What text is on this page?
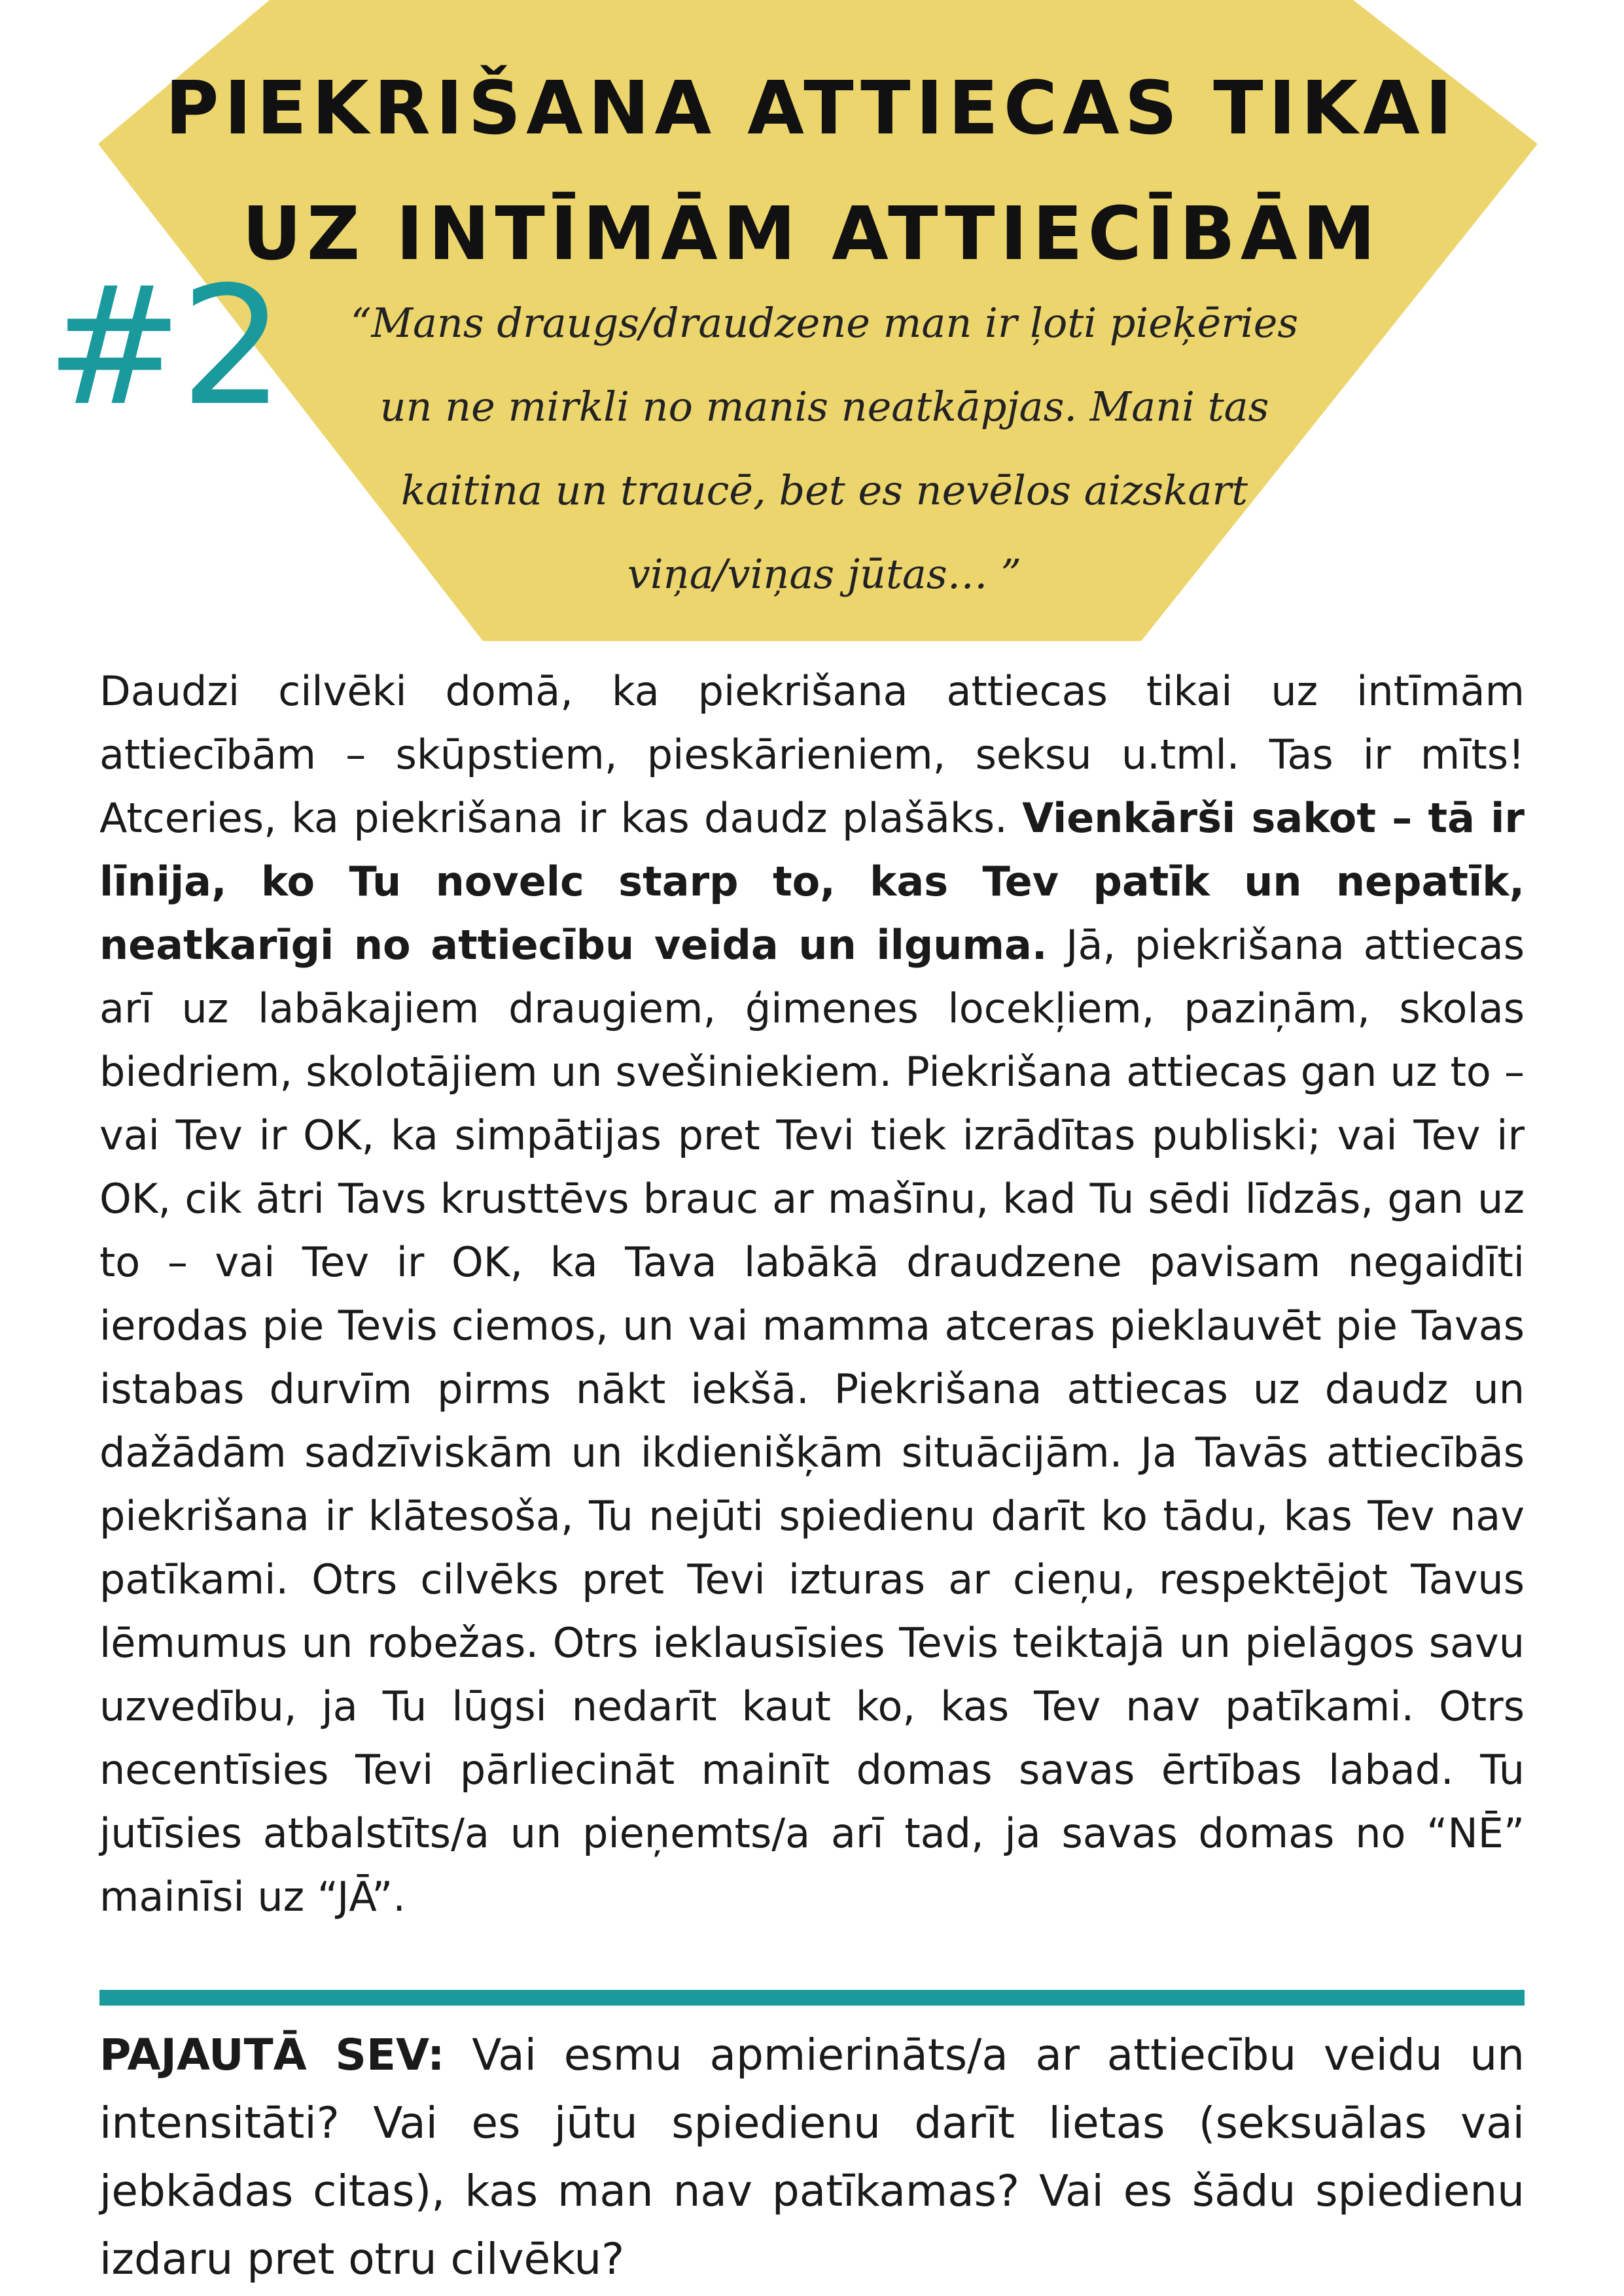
PIEKRIŠANA ATTIECAS TIKAI
UZ INTĪMĀM ATTIECĪBĀM
#2 “Mans draugs/draudzene man ir ļoti pieķēries
un ne mirkli no manis neatkāpjas. Mani tas
kaitina un traucē, bet es nevēlos aizskart
viņa/viņas jūtas… ”

Daudzi cilvēki domā, ka piekrišana attiecas tikai uz intīmām attiecībām – skūpstiem, pieskārieniem, seksu u.tml. Tas ir mīts! Atceries, ka piekrišana ir kas daudz plašāks. Vienkārši sakot – tā ir līnija, ko Tu novelc starp to, kas Tev patīk un nepatīk, neatkarīgi no attiecību veida un ilguma. Jā, piekrišana attiecas arī uz labākajiem draugiem, ģimenes locekļiem, paziņām, skolas biedriem, skolotājiem un svešiniekiem. Piekrišana attiecas gan uz to – vai Tev ir OK, ka simpātijas pret Tevi tiek izrādītas publiski; vai Tev ir OK, cik ātri Tavs krusttēvs brauc ar mašīnu, kad Tu sēdi līdzās, gan uz to – vai Tev ir OK, ka Tava labākā draudzene pavisam negaidīti ierodas pie Tevis ciemos, un vai mamma atceras pieklauvēt pie Tavas istabas durvīm pirms nākt iekšā. Piekrišana attiecas uz daudz un dažādām sadzīviskām un ikdienišķām situācijām. Ja Tavās attiecībās piekrišana ir klātesoša, Tu nejūti spiedienu darīt ko tādu, kas Tev nav patīkami. Otrs cilvēks pret Tevi izturas ar cieņu, respektējot Tavus lēmumus un robežas. Otrs ieklausīsies Tevis teiktajā un pielāgos savu uzvedību, ja Tu lūgsi nedarīt kaut ko, kas Tev nav patīkami. Otrs necentīsies Tevi pārliecināt mainīt domas savas ērtības labad. Tu jutīsies atbalstīts/a un pieņemts/a arī tad, ja savas domas no “NĒ” mainīsi uz “JĀ”.

PAJAUTĀ SEV: Vai esmu apmierināts/a ar attiecību veidu un intensitāti? Vai es jūtu spiedienu darīt lietas (seksuālas vai jebkādas citas), kas man nav patīkamas? Vai es šādu spiedienu izdaru pret otru cilvēku?
